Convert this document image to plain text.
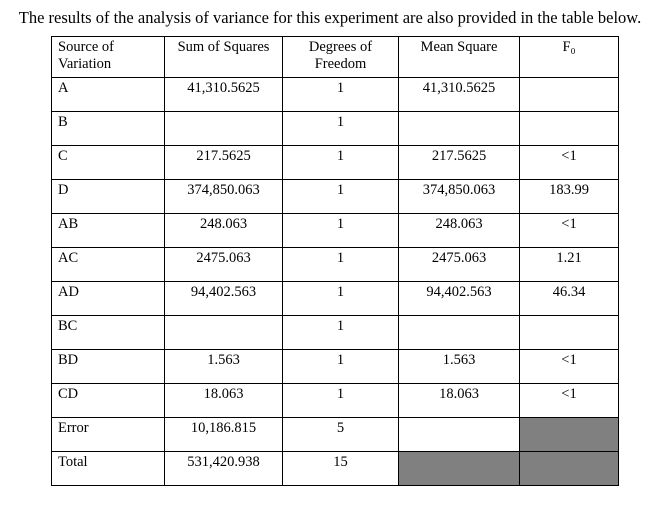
The results of the analysis of variance for this experiment are also provided in the table below.
Source of Variation	Sum of Squares	Degrees of Freedom	Mean Square	F₀
A	41,310.5625	1	41,310.5625	
B		1		
C	217.5625	1	217.5625	<1
D	374,850.063	1	374,850.063	183.99
AB	248.063	1	248.063	<1
AC	2475.063	1	2475.063	1.21
AD	94,402.563	1	94,402.563	46.34
BC		1		
BD	1.563	1	1.563	<1
CD	18.063	1	18.063	<1
Error	10,186.815	5		
Total	531,420.938	15		
